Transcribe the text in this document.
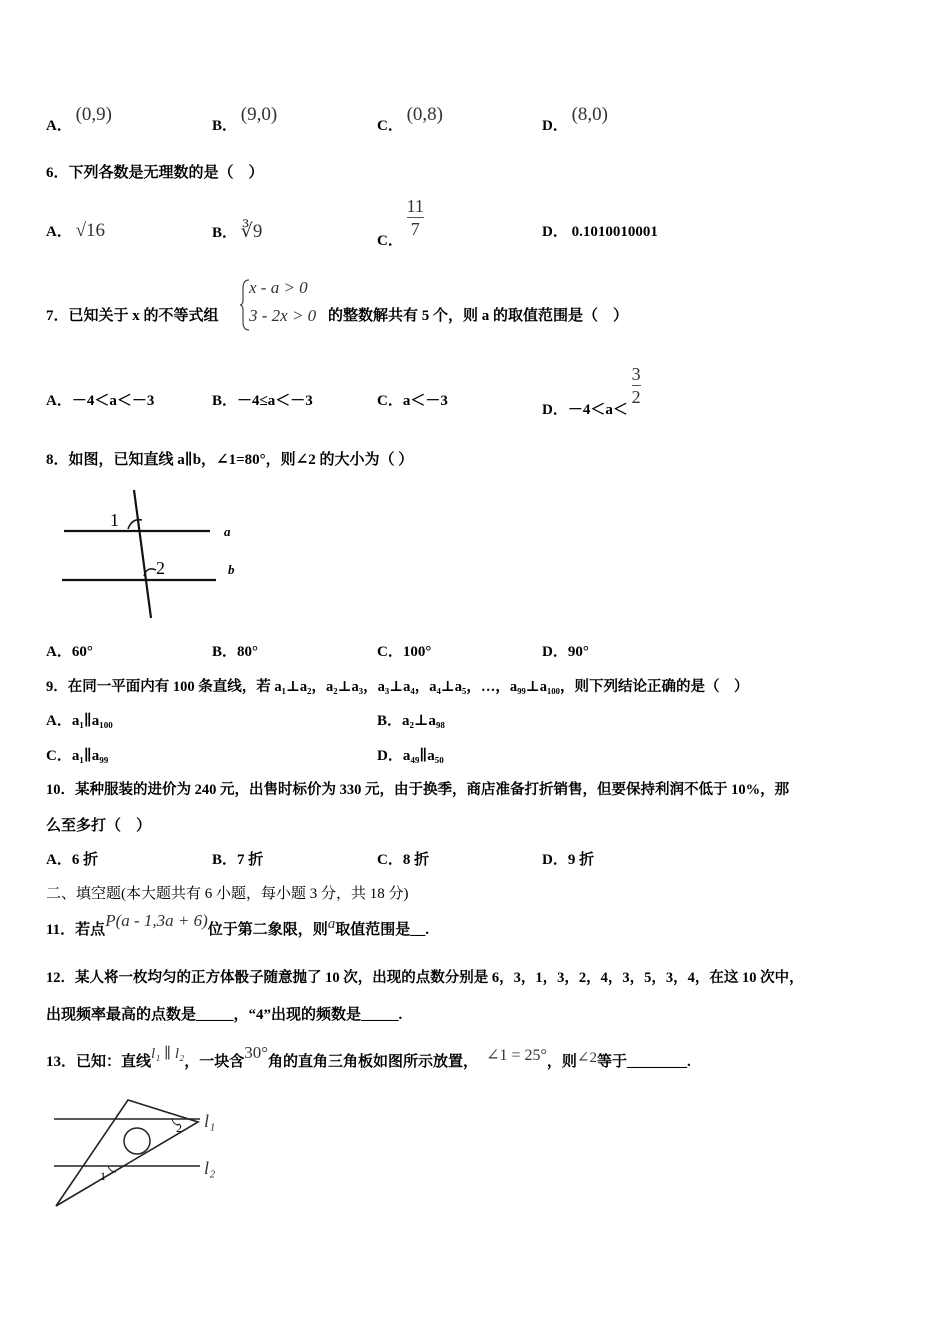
A． (0,9)
B． (9,0)
C． (0,8)
D． (8,0)
6．下列各数是无理数的是（　）
A． √16	B． ∛9	C． $\frac{11}{7}$	D． 0.1010010001
7．已知关于 x 的不等式组
x - a > 0
3 - 2x > 0 的整数解共有 5 个，则 a 的取值范围是（　）
A．－4＜a＜－3	B．－4≤a＜－3	C．a＜－3
D．$-4<a< \frac{3}{2}$
8．如图，已知直线 a∥b，∠1=80°，则∠2 的大小为（ ）
1
2
a
b
A．60°	B．80°	C．100°	D．90°
9．在同一平面内有 100 条直线，若 a₁⊥a₂，a₂⊥a₃，a₃⊥a₄，a₄⊥a₅，…，a₉₉⊥a₁₀₀，则下列结论正确的是（　）
A．a₁∥a₁₀₀	B．a₂⊥a₉₈
C．a₁∥a₉₉	D．a₄₉∥a₅₀
10．某种服装的进价为 240 元，出售时标价为 330 元，由于换季，商店准备打折销售，但要保持利润不低于 10%，那
么至多打（　）
A．6 折	B．7 折	C．8 折	D．9 折
二、填空题(本大题共有 6 小题，每小题 3 分，共 18 分)
11．若点P(a - 1,3a + 6)位于第二象限，则a取值范围是__.
12．某人将一枚均匀的正方体骰子随意抛了 10 次，出现的点数分别是 6，3，1，3，2，4，3，5，3，4，在这 10 次中，
出现频率最高的点数是_____，“4”出现的频数是_____.
13．已知：直线l₁ ∥ l₂，一块含30°角的直角三角板如图所示放置， ∠1 = 25°，则∠2等于________.
1
2 l₁
l₂
